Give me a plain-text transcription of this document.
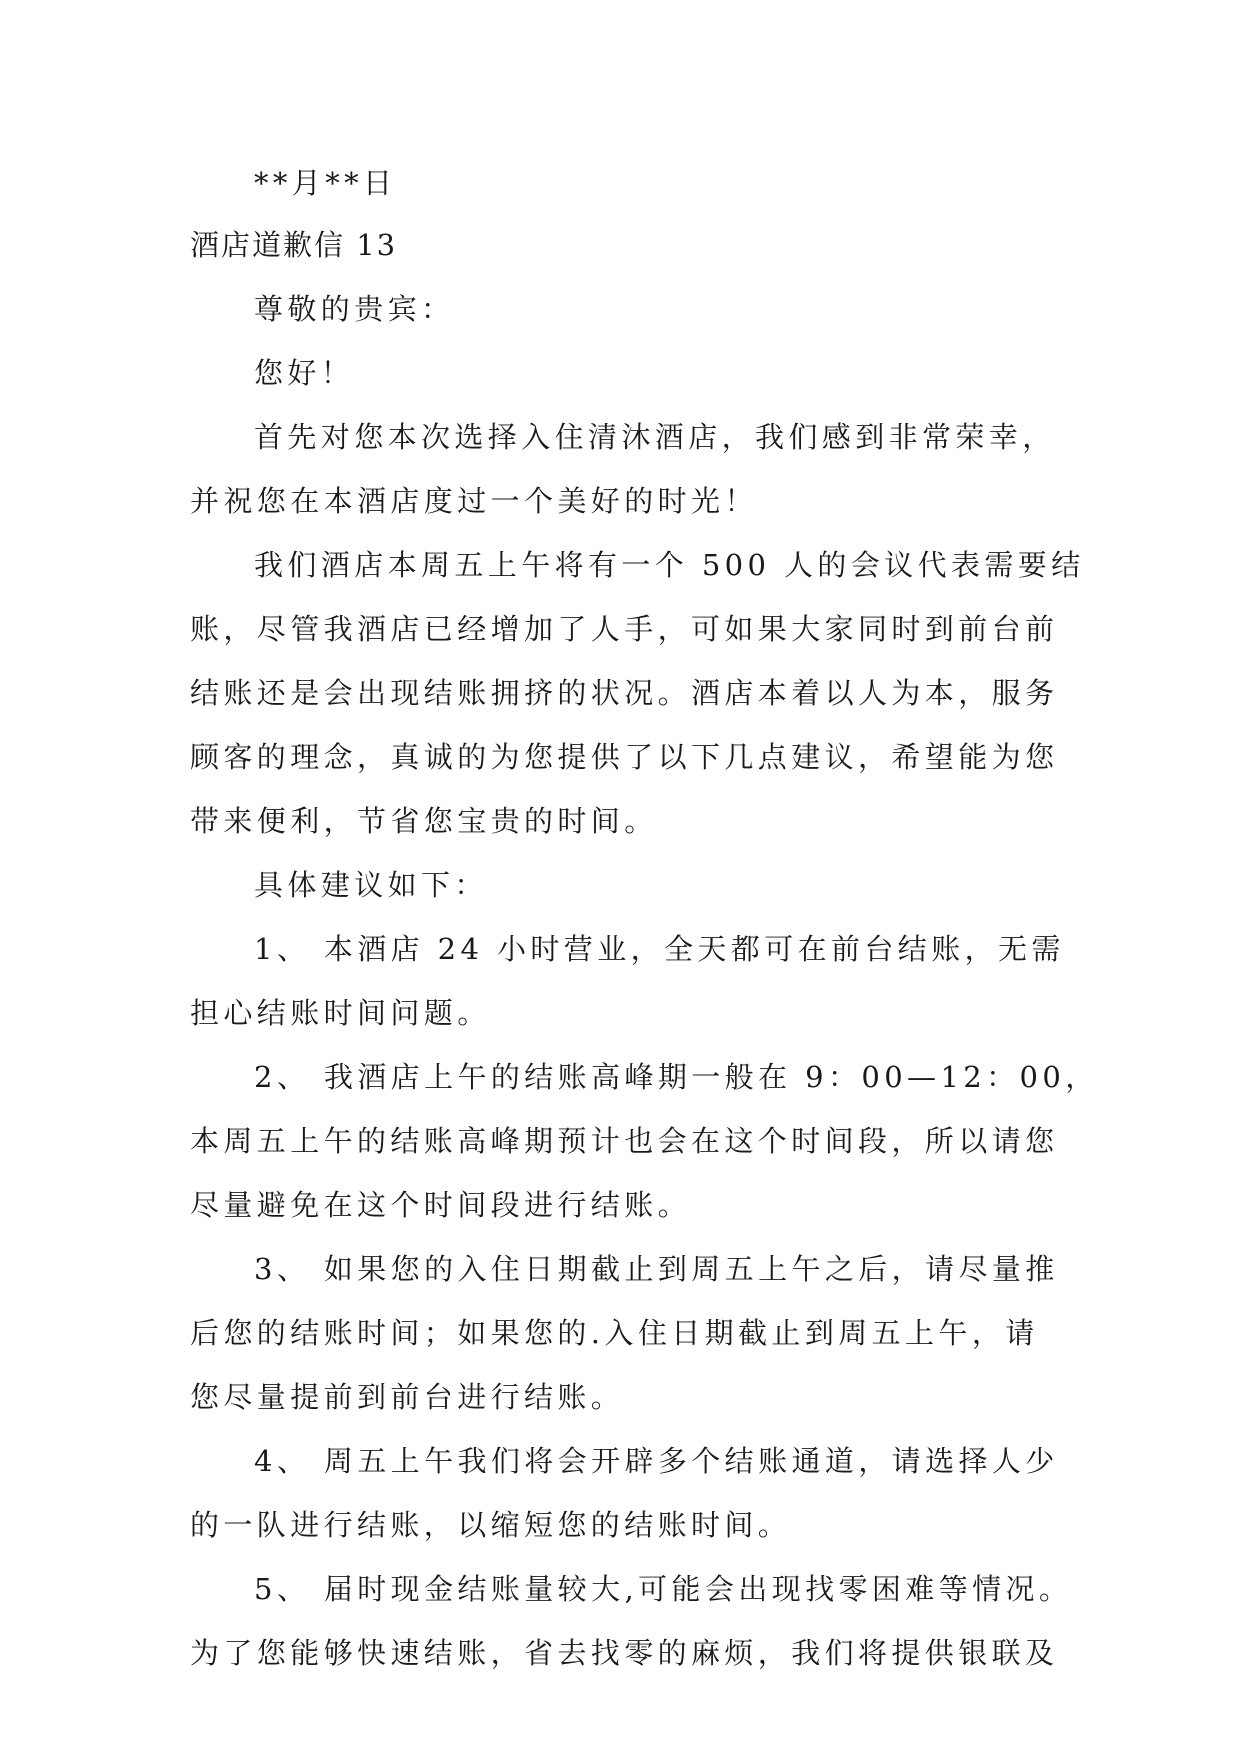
**月**日

酒店道歉信 13

尊敬的贵宾：

您好！

首先对您本次选择入住清沐酒店，我们感到非常荣幸，

并祝您在本酒店度过一个美好的时光！

我们酒店本周五上午将有一个 500 人的会议代表需要结

账，尽管我酒店已经增加了人手，可如果大家同时到前台前

结账还是会出现结账拥挤的状况。酒店本着以人为本，服务

顾客的理念，真诚的为您提供了以下几点建议，希望能为您

带来便利，节省您宝贵的时间。

具体建议如下：

1、 本酒店 24 小时营业，全天都可在前台结账，无需

担心结账时间问题。

2、 我酒店上午的结账高峰期一般在 9：00—12：00，

本周五上午的结账高峰期预计也会在这个时间段，所以请您

尽量避免在这个时间段进行结账。

3、 如果您的入住日期截止到周五上午之后，请尽量推

后您的结账时间；如果您的.入住日期截止到周五上午，请

您尽量提前到前台进行结账。

4、 周五上午我们将会开辟多个结账通道，请选择人少

的一队进行结账，以缩短您的结账时间。

5、 届时现金结账量较大,可能会出现找零困难等情况。

为了您能够快速结账，省去找零的麻烦，我们将提供银联及
